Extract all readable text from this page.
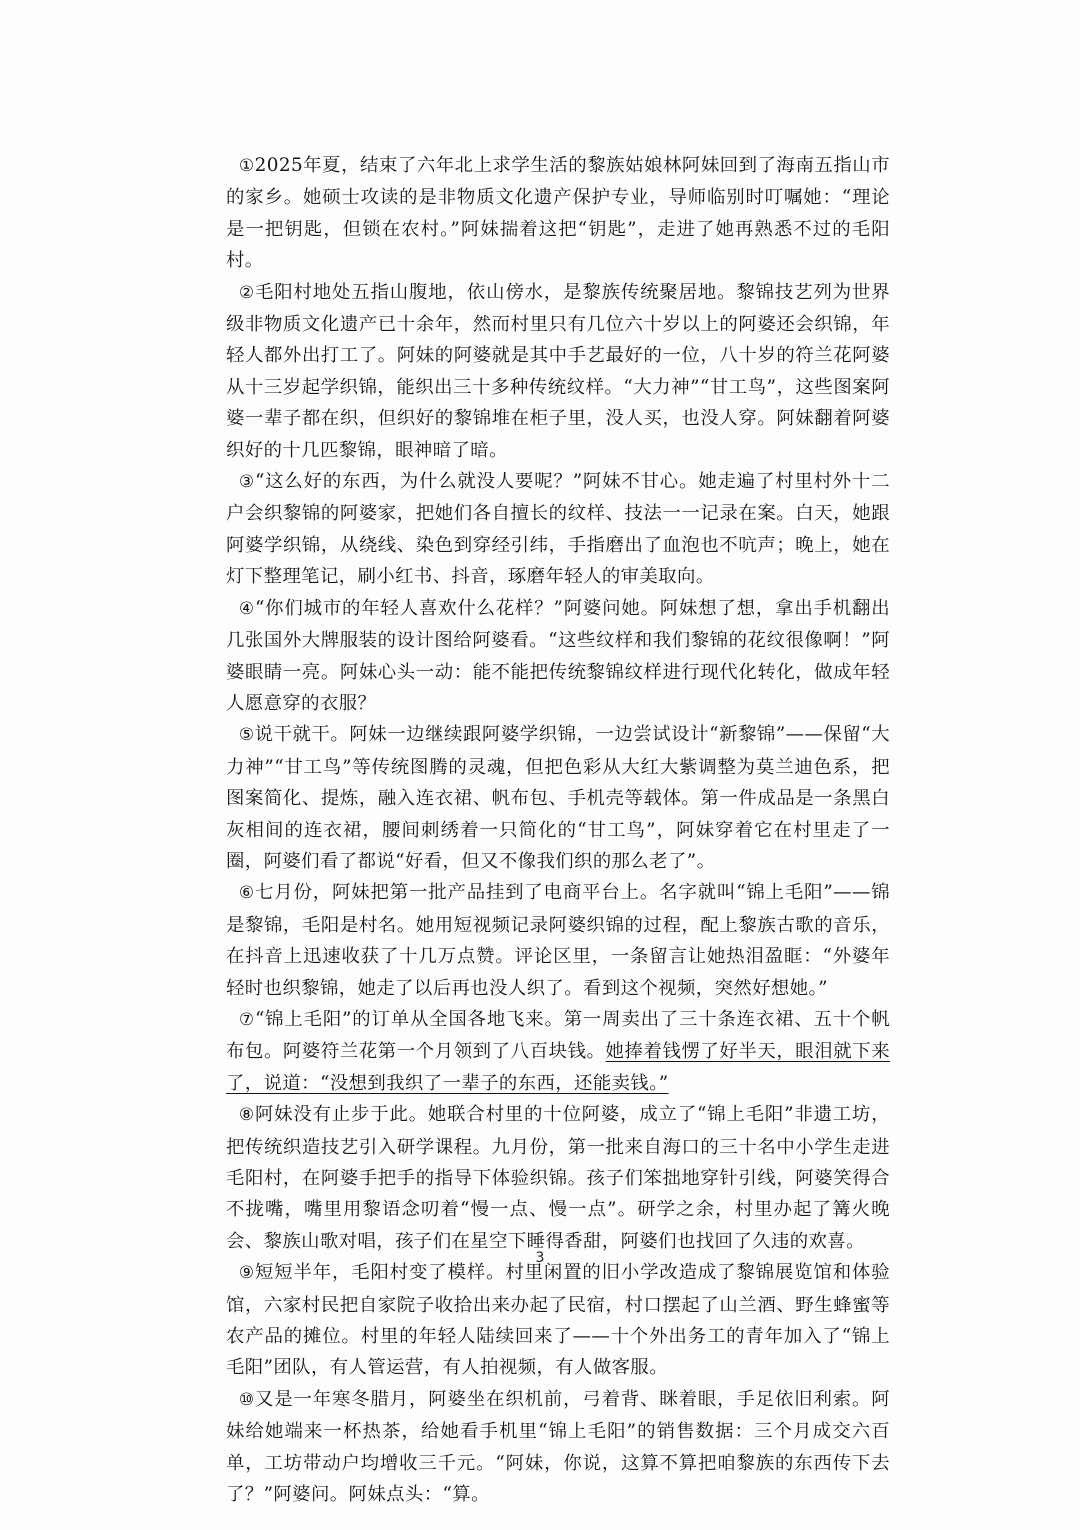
①2025年夏，结束了六年北上求学生活的黎族姑娘林阿妹回到了海南五指山市的家乡。她硕士攻读的是非物质文化遗产保护专业，导师临别时叮嘱她：“理论是一把钥匙，但锁在农村。”阿妹揣着这把“钥匙”，走进了她再熟悉不过的毛阳村。

②毛阳村地处五指山腹地，依山傍水，是黎族传统聚居地。黎锦技艺列为世界级非物质文化遗产已十余年，然而村里只有几位六十岁以上的阿婆还会织锦，年轻人都外出打工了。阿妹的阿婆就是其中手艺最好的一位，八十岁的符兰花阿婆从十三岁起学织锦，能织出三十多种传统纹样。“大力神”“甘工鸟”，这些图案阿婆一辈子都在织，但织好的黎锦堆在柜子里，没人买，也没人穿。阿妹翻着阿婆织好的十几匹黎锦，眼神暗了暗。

③“这么好的东西，为什么就没人要呢？”阿妹不甘心。她走遍了村里村外十二户会织黎锦的阿婆家，把她们各自擅长的纹样、技法一一记录在案。白天，她跟阿婆学织锦，从绕线、染色到穿经引纬，手指磨出了血泡也不吭声；晚上，她在灯下整理笔记，刷小红书、抖音，琢磨年轻人的审美取向。

④“你们城市的年轻人喜欢什么花样？”阿婆问她。阿妹想了想，拿出手机翻出几张国外大牌服装的设计图给阿婆看。“这些纹样和我们黎锦的花纹很像啊！”阿婆眼睛一亮。阿妹心头一动：能不能把传统黎锦纹样进行现代化转化，做成年轻人愿意穿的衣服？

⑤说干就干。阿妹一边继续跟阿婆学织锦，一边尝试设计“新黎锦”——保留“大力神”“甘工鸟”等传统图腾的灵魂，但把色彩从大红大紫调整为莫兰迪色系，把图案简化、提炼，融入连衣裙、帆布包、手机壳等载体。第一件成品是一条黑白灰相间的连衣裙，腰间刺绣着一只简化的“甘工鸟”，阿妹穿着它在村里走了一圈，阿婆们看了都说“好看，但又不像我们织的那么老了”。

⑥七月份，阿妹把第一批产品挂到了电商平台上。名字就叫“锦上毛阳”——锦是黎锦，毛阳是村名。她用短视频记录阿婆织锦的过程，配上黎族古歌的音乐，在抖音上迅速收获了十几万点赞。评论区里，一条留言让她热泪盈眶：“外婆年轻时也织黎锦，她走了以后再也没人织了。看到这个视频，突然好想她。”

⑦“锦上毛阳”的订单从全国各地飞来。第一周卖出了三十条连衣裙、五十个帆布包。阿婆符兰花第一个月领到了八百块钱。她捧着钱愣了好半天，眼泪就下来了，说道：“没想到我织了一辈子的东西，还能卖钱。”

⑧阿妹没有止步于此。她联合村里的十位阿婆，成立了“锦上毛阳”非遗工坊，把传统织造技艺引入研学课程。九月份，第一批来自海口的三十名中小学生走进毛阳村，在阿婆手把手的指导下体验织锦。孩子们笨拙地穿针引线，阿婆笑得合不拢嘴，嘴里用黎语念叨着“慢一点、慢一点”。研学之余，村里办起了篝火晚会、黎族山歌对唱，孩子们在星空下睡得香甜，阿婆们也找回了久违的欢喜。

⑨短短半年，毛阳村变了模样。村里闲置的旧小学改造成了黎锦展览馆和体验馆，六家村民把自家院子收拾出来办起了民宿，村口摆起了山兰酒、野生蜂蜜等农产品的摊位。村里的年轻人陆续回来了——十个外出务工的青年加入了“锦上毛阳”团队，有人管运营，有人拍视频，有人做客服。

⑩又是一年寒冬腊月，阿婆坐在织机前，弓着背、眯着眼，手足依旧利索。阿妹给她端来一杯热茶，给她看手机里“锦上毛阳”的销售数据：三个月成交六百单，工坊带动户均增收三千元。“阿妹，你说，这算不算把咱黎族的东西传下去了？”阿婆问。阿妹点头：“算。

3
